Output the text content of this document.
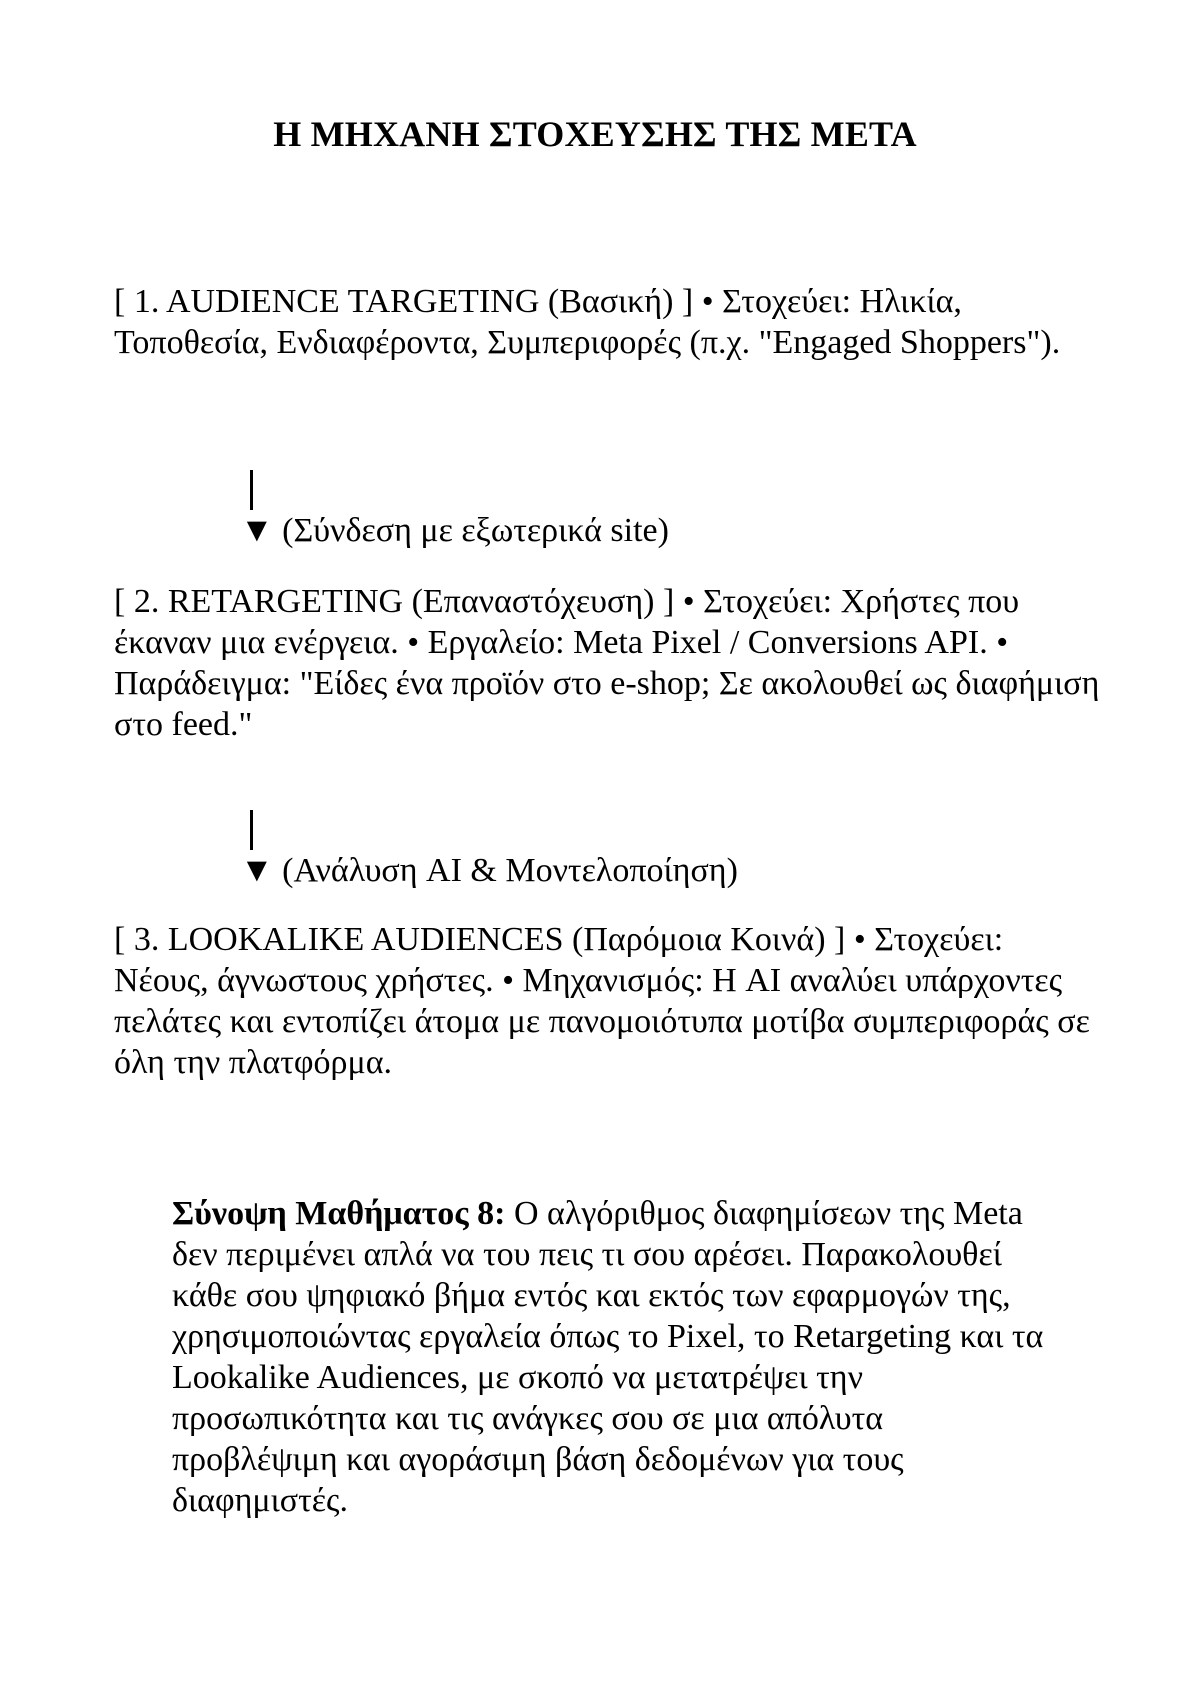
Η ΜΗΧΑΝΗ ΣΤΟΧΕΥΣΗΣ ΤΗΣ META

[ 1. AUDIENCE TARGETING (Βασική) ] • Στοχεύει: Ηλικία, Τοποθεσία, Ενδιαφέροντα, Συμπεριφορές (π.χ. "Engaged Shoppers").

▼ (Σύνδεση με εξωτερικά site)

[ 2. RETARGETING (Επαναστόχευση) ] • Στοχεύει: Χρήστες που έκαναν μια ενέργεια. • Εργαλείο: Meta Pixel / Conversions API. • Παράδειγμα: "Είδες ένα προϊόν στο e-shop; Σε ακολουθεί ως διαφήμιση στο feed."

▼ (Ανάλυση AI & Μοντελοποίηση)

[ 3. LOOKALIKE AUDIENCES (Παρόμοια Κοινά) ] • Στοχεύει: Νέους, άγνωστους χρήστες. • Μηχανισμός: Η AI αναλύει υπάρχοντες πελάτες και εντοπίζει άτομα με πανομοιότυπα μοτίβα συμπεριφοράς σε όλη την πλατφόρμα.

Σύνοψη Μαθήματος 8: Ο αλγόριθμος διαφημίσεων της Meta δεν περιμένει απλά να του πεις τι σου αρέσει. Παρακολουθεί κάθε σου ψηφιακό βήμα εντός και εκτός των εφαρμογών της, χρησιμοποιώντας εργαλεία όπως το Pixel, το Retargeting και τα Lookalike Audiences, με σκοπό να μετατρέψει την προσωπικότητα και τις ανάγκες σου σε μια απόλυτα προβλέψιμη και αγοράσιμη βάση δεδομένων για τους διαφημιστές.
